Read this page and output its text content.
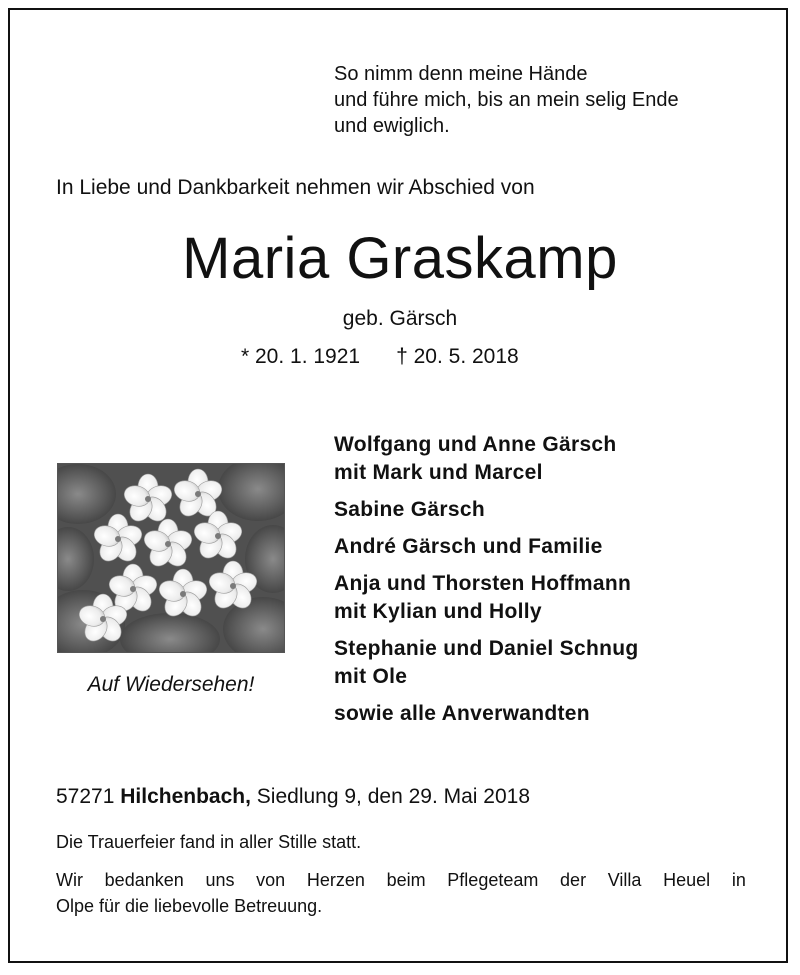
So nimm denn meine Hände
und führe mich, bis an mein selig Ende
und ewiglich.
In Liebe und Dankbarkeit nehmen wir Abschied von
Maria Graskamp
geb. Gärsch
* 20. 1. 1921 † 20. 5. 2018
Auf Wiedersehen!
Wolfgang und Anne Gärsch
mit Mark und Marcel
Sabine Gärsch
André Gärsch und Familie
Anja und Thorsten Hoffmann
mit Kylian und Holly
Stephanie und Daniel Schnug
mit Ole
sowie alle Anverwandten
57271 Hilchenbach, Siedlung 9, den 29. Mai 2018
Die Trauerfeier fand in aller Stille statt.
Wir bedanken uns von Herzen beim Pflegeteam der Villa Heuel in
Olpe für die liebevolle Betreuung.
